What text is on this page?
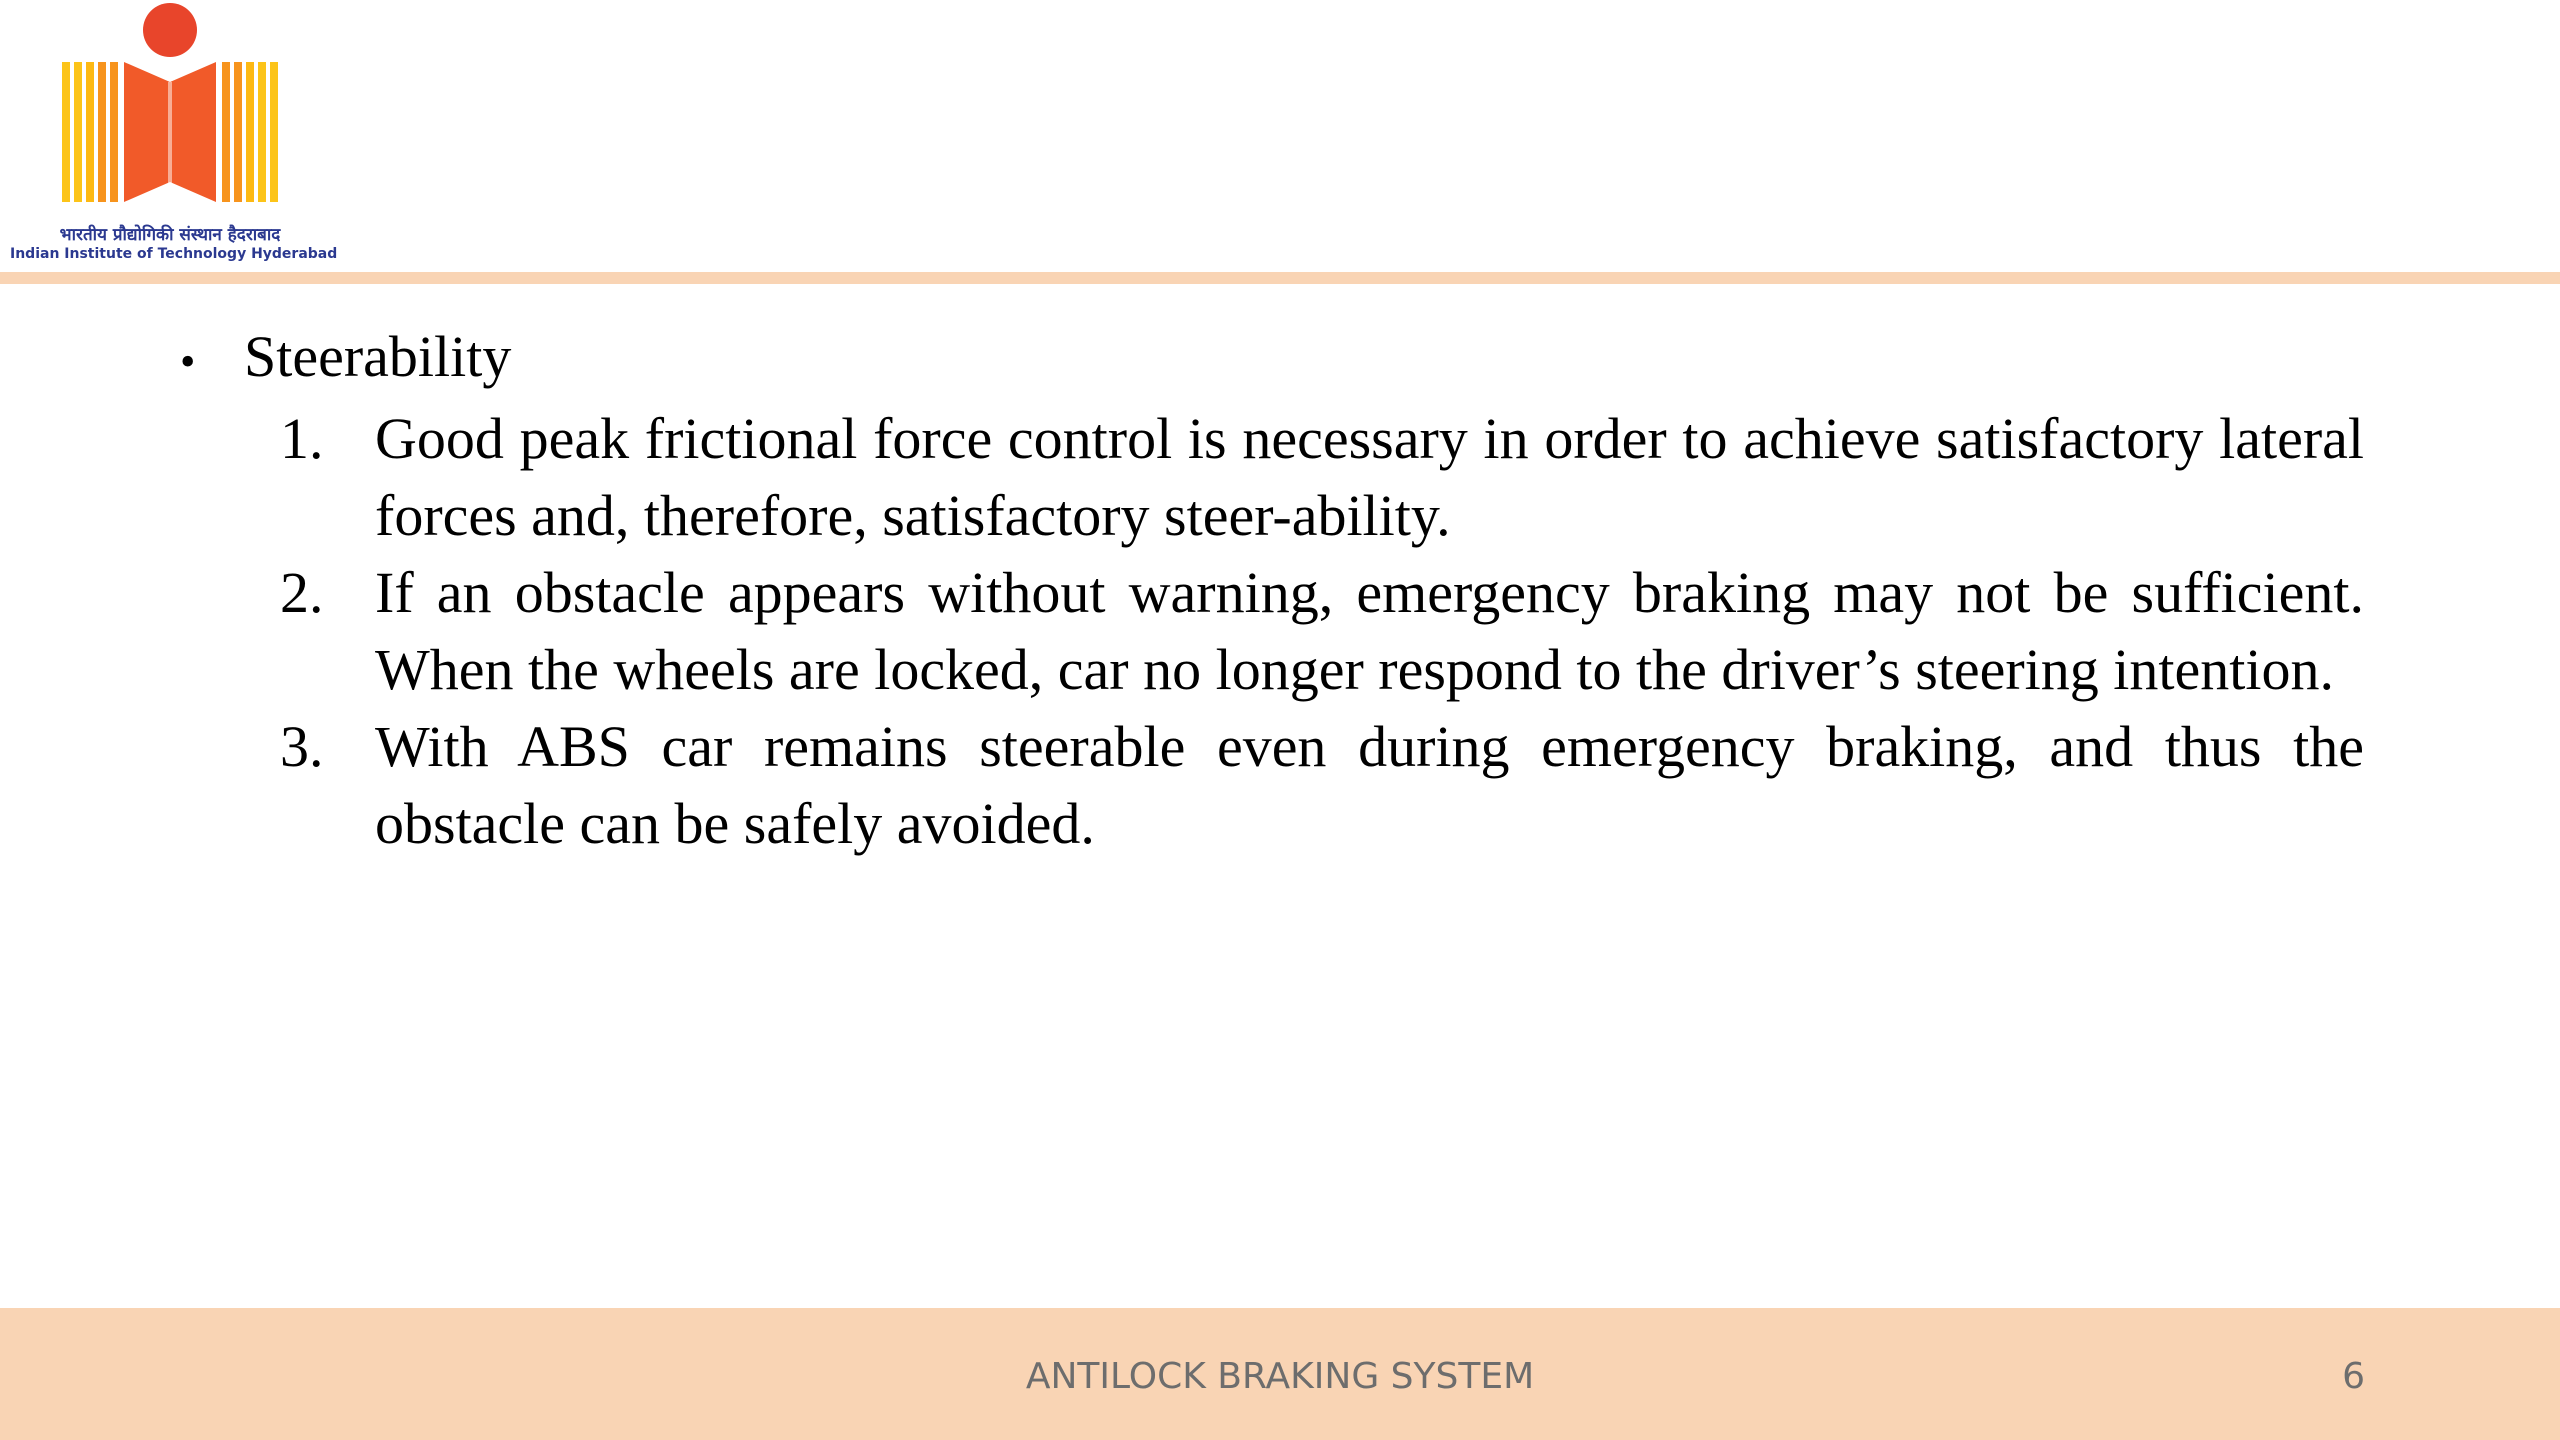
भारतीय प्रौद्योगिकी संस्थान हैदराबाद
Indian Institute of Technology Hyderabad
• Steerability
1. Good peak frictional force control is necessary in order to achieve satisfactory lateral forces and, therefore, satisfactory steer-ability.
2. If an obstacle appears without warning, emergency braking may not be sufficient. When the wheels are locked, car no longer respond to the driver’s steering intention.
3. With ABS car remains steerable even during emergency braking, and thus the obstacle can be safely avoided.
ANTILOCK BRAKING SYSTEM	6
